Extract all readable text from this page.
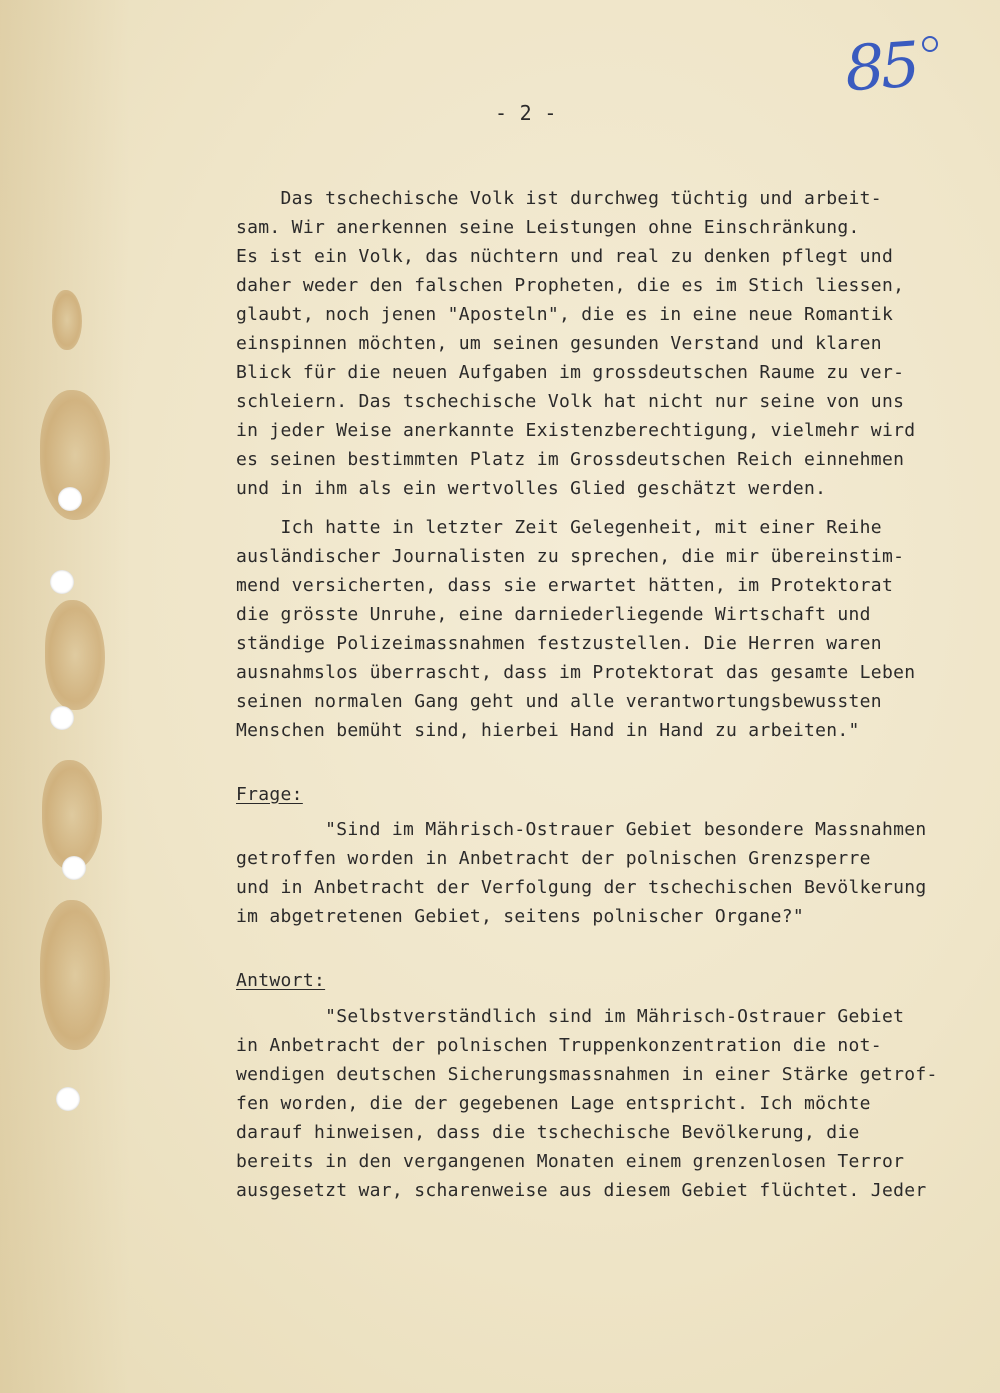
85
- 2 -
Das tschechische Volk ist durchweg tüchtig und arbeit-
sam. Wir anerkennen seine Leistungen ohne Einschränkung.
Es ist ein Volk, das nüchtern und real zu denken pflegt und
daher weder den falschen Propheten, die es im Stich liessen,
glaubt, noch jenen "Aposteln", die es in eine neue Romantik
einspinnen möchten, um seinen gesunden Verstand und klaren
Blick für die neuen Aufgaben im grossdeutschen Raume zu ver-
schleiern. Das tschechische Volk hat nicht nur seine von uns
in jeder Weise anerkannte Existenzberechtigung, vielmehr wird
es seinen bestimmten Platz im Grossdeutschen Reich einnehmen
und in ihm als ein wertvolles Glied geschätzt werden.
Ich hatte in letzter Zeit Gelegenheit, mit einer Reihe
ausländischer Journalisten zu sprechen, die mir übereinstim-
mend versicherten, dass sie erwartet hätten, im Protektorat
die grösste Unruhe, eine darniederliegende Wirtschaft und
ständige Polizeimassnahmen festzustellen. Die Herren waren
ausnahmslos überrascht, dass im Protektorat das gesamte Leben
seinen normalen Gang geht und alle verantwortungsbewussten
Menschen bemüht sind, hierbei Hand in Hand zu arbeiten."
Frage:
"Sind im Mährisch-Ostrauer Gebiet besondere Massnahmen
getroffen worden in Anbetracht der polnischen Grenzsperre
und in Anbetracht der Verfolgung der tschechischen Bevölkerung
im abgetretenen Gebiet, seitens polnischer Organe?"
Antwort:
"Selbstverständlich sind im Mährisch-Ostrauer Gebiet
in Anbetracht der polnischen Truppenkonzentration die not-
wendigen deutschen Sicherungsmassnahmen in einer Stärke getrof-
fen worden, die der gegebenen Lage entspricht. Ich möchte
darauf hinweisen, dass die tschechische Bevölkerung, die
bereits in den vergangenen Monaten einem grenzenlosen Terror
ausgesetzt war, scharenweise aus diesem Gebiet flüchtet. Jeder
